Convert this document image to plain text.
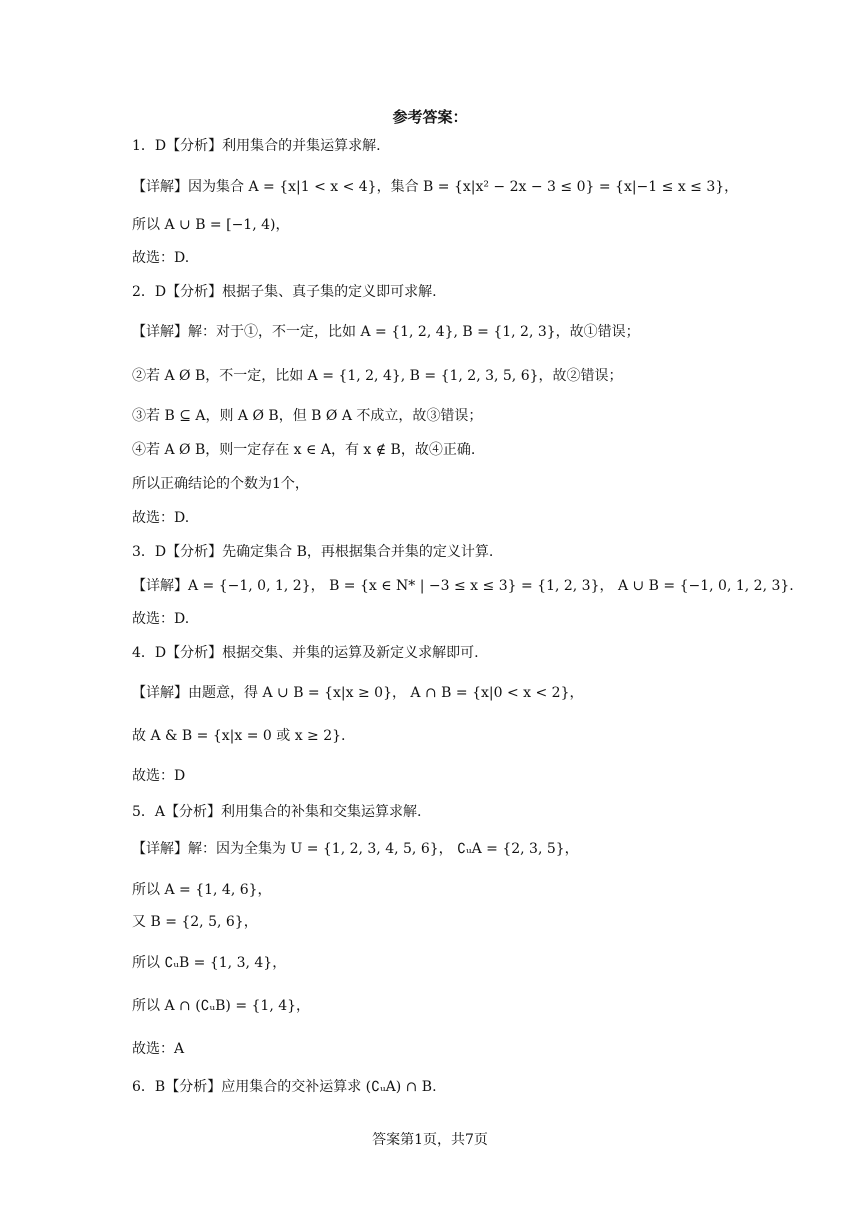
参考答案：
1．D【分析】利用集合的并集运算求解.
【详解】因为集合 A = {x|1 < x < 4}，集合 B = {x|x² − 2x − 3 ≤ 0} = {x|−1 ≤ x ≤ 3}，
所以 A ∪ B = [−1, 4)，
故选：D.
2．D【分析】根据子集、真子集的定义即可求解.
【详解】解：对于①，不一定，比如 A = {1, 2, 4}, B = {1, 2, 3}，故①错误；
②若 A Ø B，不一定，比如 A = {1, 2, 4}, B = {1, 2, 3, 5, 6}，故②错误；
③若 B ⊆ A，则 A Ø B，但 B Ø A 不成立，故③错误；
④若 A Ø B，则一定存在 x ∈ A，有 x ∉ B，故④正确.
所以正确结论的个数为1个，
故选：D.
3．D【分析】先确定集合 B，再根据集合并集的定义计算.
【详解】A = {−1, 0, 1, 2}， B = {x ∈ N* | −3 ≤ x ≤ 3} = {1, 2, 3}， A ∪ B = {−1, 0, 1, 2, 3}.
故选：D.
4．D【分析】根据交集、并集的运算及新定义求解即可.
【详解】由题意，得 A ∪ B = {x|x ≥ 0}， A ∩ B = {x|0 < x < 2}，
故 A & B = {x|x = 0 或 x ≥ 2}.
故选：D
5．A【分析】利用集合的补集和交集运算求解.
【详解】解：因为全集为 U = {1, 2, 3, 4, 5, 6}， ∁ᵤA = {2, 3, 5}，
所以 A = {1, 4, 6}，
又 B = {2, 5, 6}，
所以 ∁ᵤB = {1, 3, 4}，
所以 A ∩ (∁ᵤB) = {1, 4}，
故选：A
6．B【分析】应用集合的交补运算求 (∁ᵤA) ∩ B.
答案第1页，共7页
